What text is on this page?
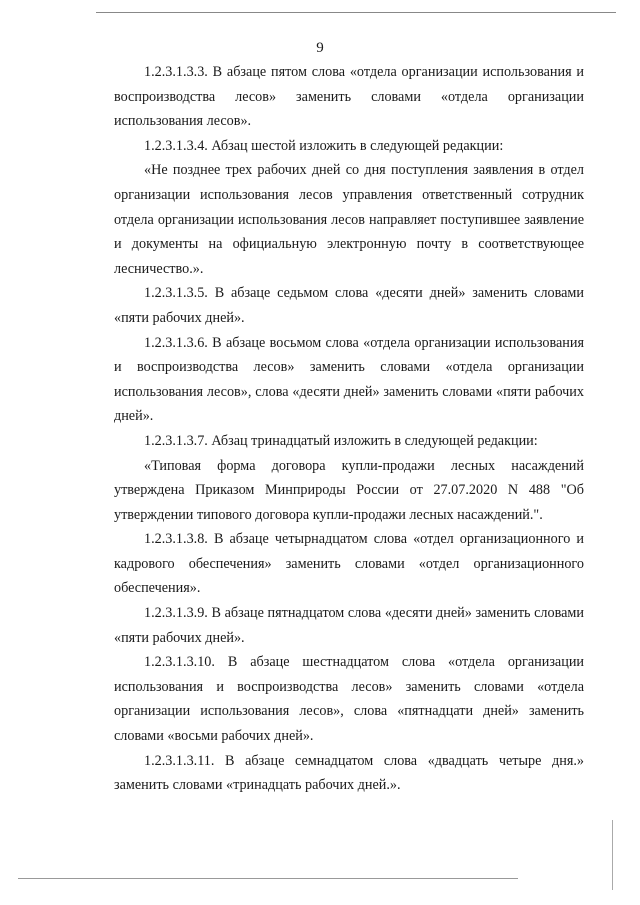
9

1.2.3.1.3.3. В абзаце пятом слова «отдела организации использования и воспроизводства лесов» заменить словами «отдела организации использования лесов».

1.2.3.1.3.4. Абзац шестой изложить в следующей редакции:

«Не позднее трех рабочих дней со дня поступления заявления в отдел организации использования лесов управления ответственный сотрудник отдела организации использования лесов направляет поступившее заявление и документы на официальную электронную почту в соответствующее лесничество.».

1.2.3.1.3.5. В абзаце седьмом слова «десяти дней» заменить словами «пяти рабочих дней».

1.2.3.1.3.6. В абзаце восьмом слова «отдела организации использования и воспроизводства лесов» заменить словами «отдела организации использования лесов», слова «десяти дней» заменить словами «пяти рабочих дней».

1.2.3.1.3.7. Абзац тринадцатый изложить в следующей редакции:

«Типовая форма договора купли-продажи лесных насаждений утверждена Приказом Минприроды России от 27.07.2020 N 488 "Об утверждении типового договора купли-продажи лесных насаждений.".

1.2.3.1.3.8. В абзаце четырнадцатом слова «отдел организационного и кадрового обеспечения» заменить словами «отдел организационного обеспечения».

1.2.3.1.3.9. В абзаце пятнадцатом слова «десяти дней» заменить словами «пяти рабочих дней».

1.2.3.1.3.10. В абзаце шестнадцатом слова «отдела организации использования и воспроизводства лесов» заменить словами «отдела организации использования лесов», слова «пятнадцати дней» заменить словами «восьми рабочих дней».

1.2.3.1.3.11. В абзаце семнадцатом слова «двадцать четыре дня.» заменить словами «тринадцать рабочих дней.».
